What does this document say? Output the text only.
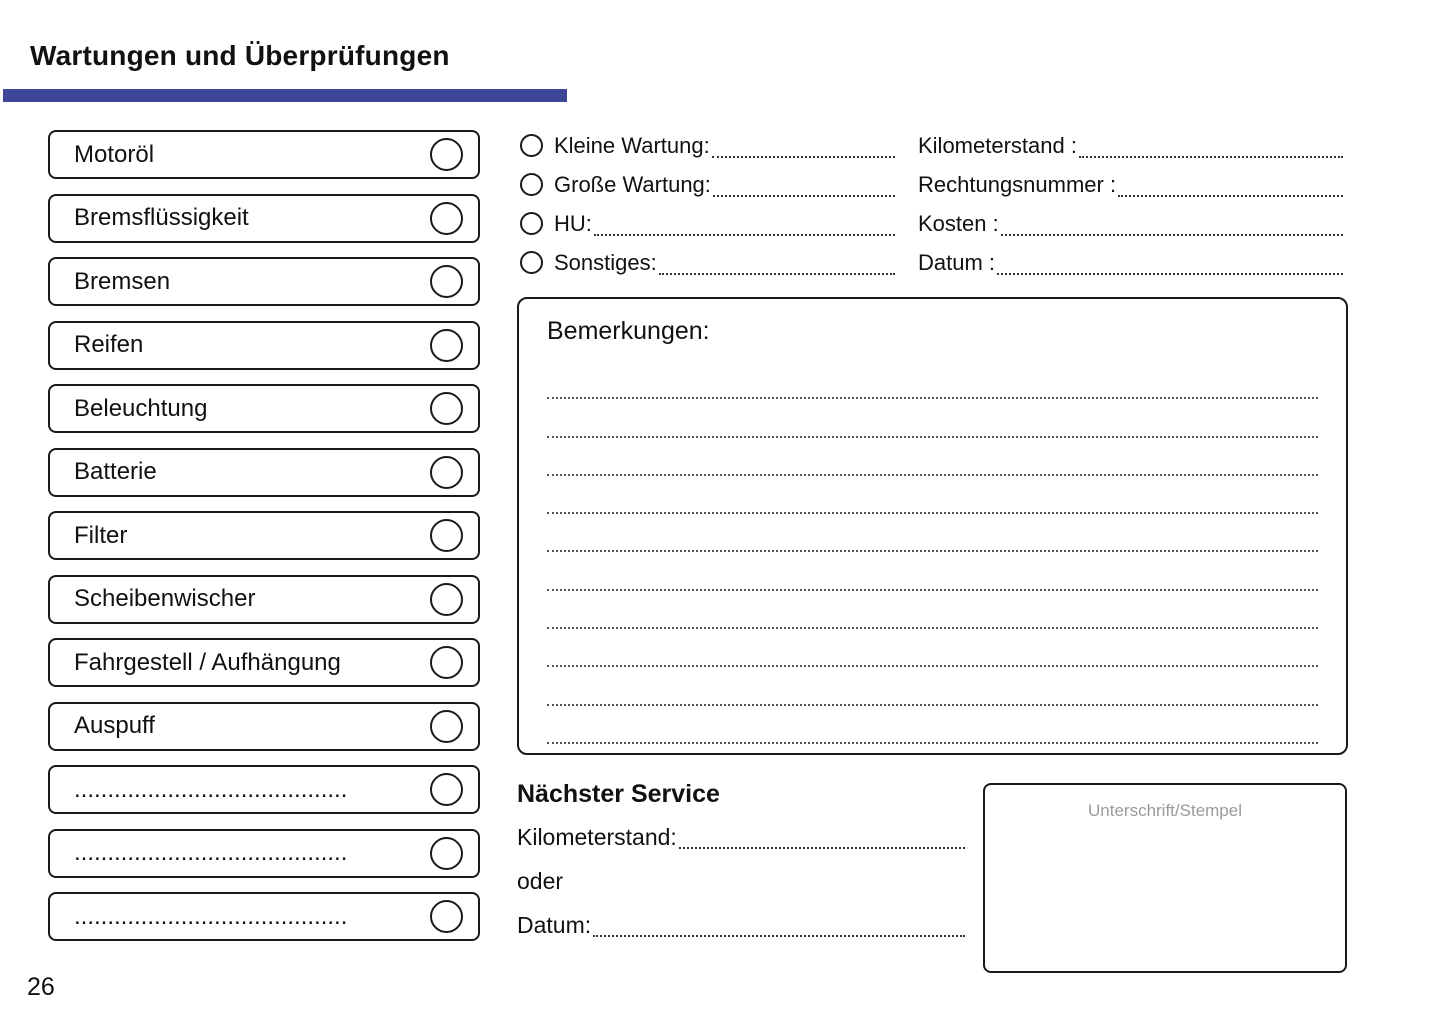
Wartungen und Überprüfungen
Motoröl
Bremsflüssigkeit
Bremsen
Reifen
Beleuchtung
Batterie
Filter
Scheibenwischer
Fahrgestell / Aufhängung
Auspuff
.........................................
.........................................
.........................................
Kleine Wartung:
Große Wartung:
HU:
Sonstiges:
Kilometerstand :
Rechtungsnummer :
Kosten :
Datum :
Bemerkungen:
Nächster Service
Kilometerstand:
oder
Datum:
Unterschrift/Stempel
26
